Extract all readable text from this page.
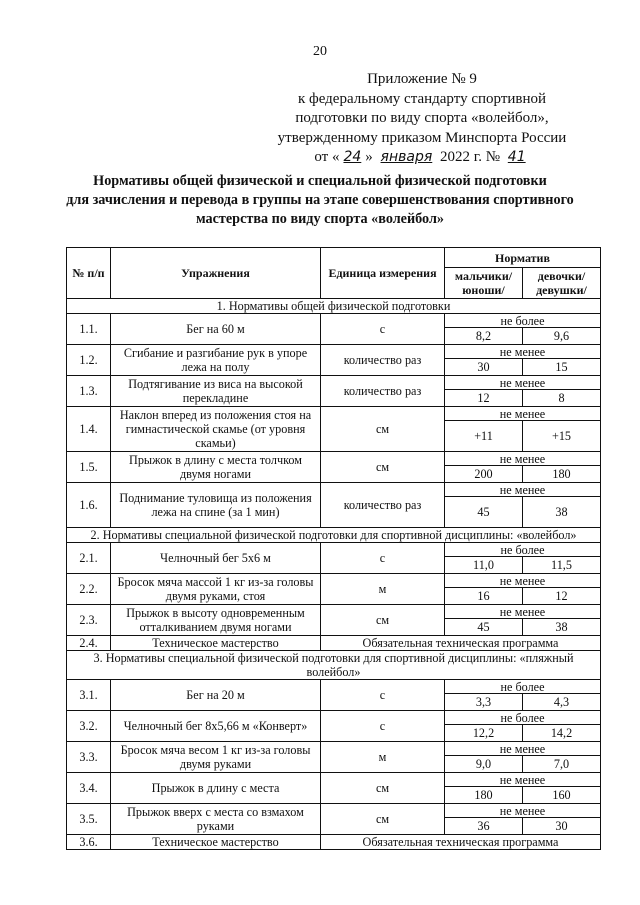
20
Приложение № 9
к федеральному стандарту спортивной
подготовки по виду спорта «волейбол»,
утвержденному приказом Минспорта России
от « 24 » января 2022 г. № 41
Нормативы общей физической и специальной физической подготовки
для зачисления и перевода в группы на этапе совершенствования спортивного
мастерства по виду спорта «волейбол»
№ п/п	Упражнения	Единица измерения	Норматив	
			мальчики/ юноши/	девочки/ девушки/
1. Нормативы общей физической подготовки				
1.1.	Бег на 60 м	с	не более	
			8,2	9,6
1.2.	Сгибание и разгибание рук в упоре лежа на полу	количество раз	не менее	
			30	15
1.3.	Подтягивание из виса на высокой перекладине	количество раз	не менее	
			12	8
1.4.	Наклон вперед из положения стоя на гимнастической скамье (от уровня скамьи)	см	не менее	
			+11	+15
1.5.	Прыжок в длину с места толчком двумя ногами	см	не менее	
			200	180
1.6.	Поднимание туловища из положения лежа на спине (за 1 мин)	количество раз	не менее	
			45	38
2. Нормативы специальной физической подготовки для спортивной дисциплины: «волейбол»				
2.1.	Челночный бег 5x6 м	с	не более	
			11,0	11,5
2.2.	Бросок мяча массой 1 кг из-за головы двумя руками, стоя	м	не менее	
			16	12
2.3.	Прыжок в высоту одновременным отталкиванием двумя ногами	см	не менее	
			45	38
2.4.	Техническое мастерство	Обязательная техническая программа		
3. Нормативы специальной физической подготовки для спортивной дисциплины: «пляжный волейбол»				
3.1.	Бег на 20 м	с	не более	
			3,3	4,3
3.2.	Челночный бег 8x5,66 м «Конверт»	с	не более	
			12,2	14,2
3.3.	Бросок мяча весом 1 кг из-за головы двумя руками	м	не менее	
			9,0	7,0
3.4.	Прыжок в длину с места	см	не менее	
			180	160
3.5.	Прыжок вверх с места со взмахом руками	см	не менее	
			36	30
3.6.	Техническое мастерство	Обязательная техническая программа		
